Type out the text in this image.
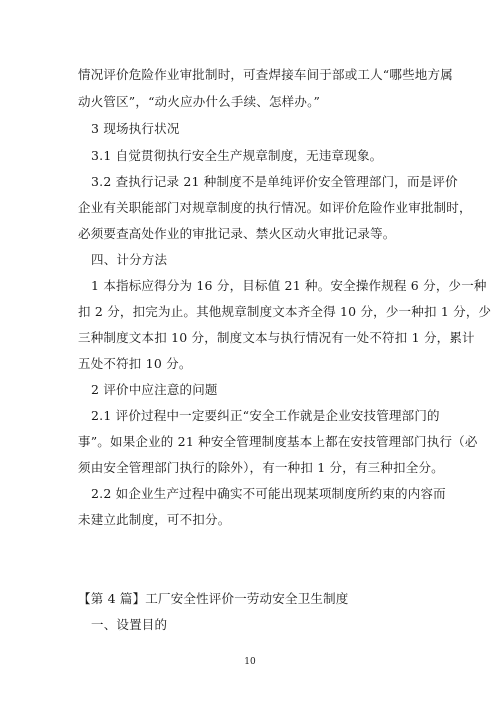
情况评价危险作业审批制时，可查焊接车间于部或工人“哪些地方属
动火管区”，“动火应办什么手续、怎样办。”
3 现场执行状况
3.1 自觉贯彻执行安全生产规章制度，无违章现象。
3.2 查执行记录 21 种制度不是单纯评价安全管理部门，而是评价
企业有关职能部门对规章制度的执行情况。如评价危险作业审批制时，
必须要查高处作业的审批记录、禁火区动火审批记录等。
四、计分方法
1 本指标应得分为 16 分，目标值 21 种。安全操作规程 6 分，少一种
扣 2 分，扣完为止。其他规章制度文本齐全得 10 分，少一种扣 1 分，少
三种制度文本扣 10 分，制度文本与执行情况有一处不符扣 1 分，累计
五处不符扣 10 分。
2 评价中应注意的问题
2.1 评价过程中一定要纠正“安全工作就是企业安技管理部门的
事”。如果企业的 21 种安全管理制度基本上都在安技管理部门执行（必
须由安全管理部门执行的除外），有一种扣 1 分，有三种扣全分。
2.2 如企业生产过程中确实不可能出现某项制度所约束的内容而
未建立此制度，可不扣分。
【第 4 篇】工厂安全性评价一劳动安全卫生制度
一、设置目的
10
